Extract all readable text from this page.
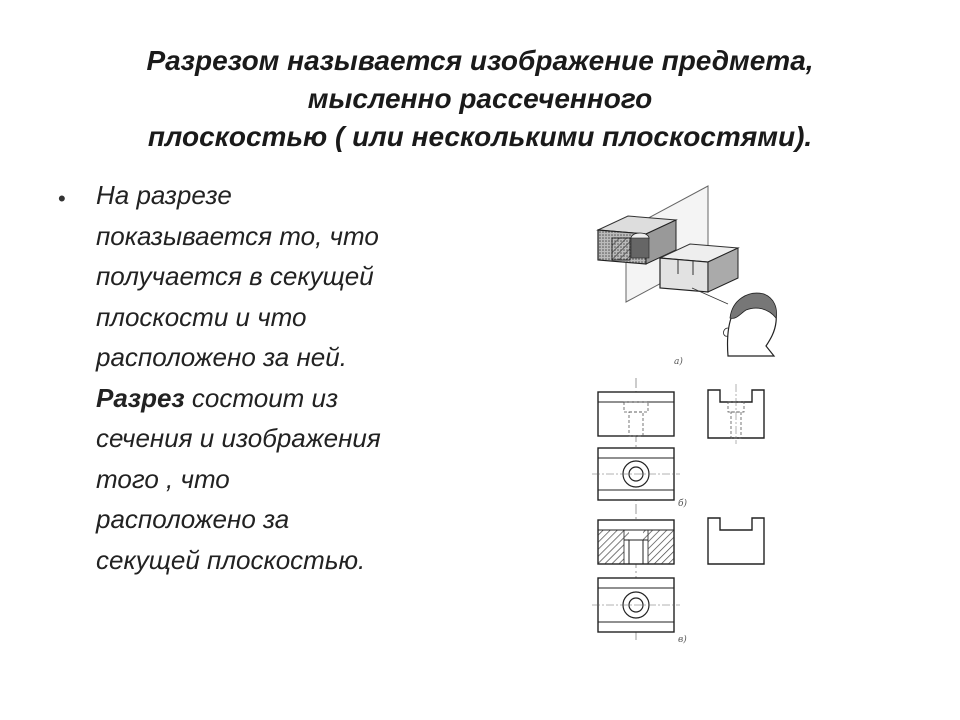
Разрезом называется изображение предмета,
мысленно рассеченного
плоскостью ( или несколькими плоскостями).
• На разрезе
показывается то, что
получается в секущей
плоскости и что
расположено за ней.
Разрез состоит из
сечения и изображения
того , что
расположено за
секущей плоскостью.
а)
б)
в)
